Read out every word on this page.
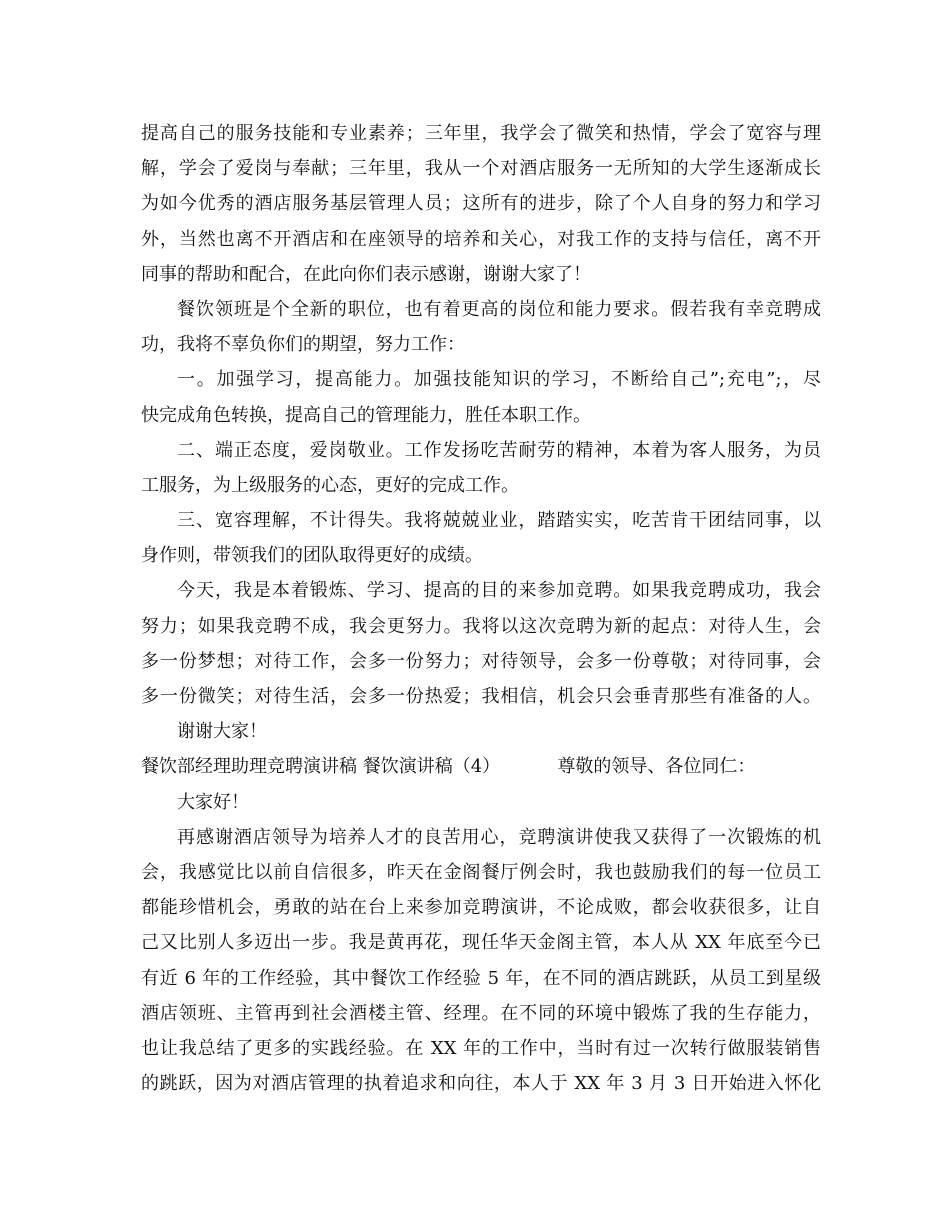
提高自己的服务技能和专业素养；三年里，我学会了微笑和热情，学会了宽容与理
解，学会了爱岗与奉献；三年里，我从一个对酒店服务一无所知的大学生逐渐成长
为如今优秀的酒店服务基层管理人员；这所有的进步，除了个人自身的努力和学习
外，当然也离不开酒店和在座领导的培养和关心，对我工作的支持与信任，离不开
同事的帮助和配合，在此向你们表示感谢，谢谢大家了！
餐饮领班是个全新的职位，也有着更高的岗位和能力要求。假若我有幸竞聘成
功，我将不辜负你们的期望，努力工作：
一。加强学习，提高能力。加强技能知识的学习，不断给自己”;充电”;，尽
快完成角色转换，提高自己的管理能力，胜任本职工作。
二、端正态度，爱岗敬业。工作发扬吃苦耐劳的精神，本着为客人服务，为员
工服务，为上级服务的心态，更好的完成工作。
三、宽容理解，不计得失。我将兢兢业业，踏踏实实，吃苦肯干团结同事，以
身作则，带领我们的团队取得更好的成绩。
今天，我是本着锻炼、学习、提高的目的来参加竞聘。如果我竞聘成功，我会
努力；如果我竞聘不成，我会更努力。我将以这次竞聘为新的起点：对待人生，会
多一份梦想；对待工作，会多一份努力；对待领导，会多一份尊敬；对待同事，会
多一份微笑；对待生活，会多一份热爱；我相信，机会只会垂青那些有准备的人。
谢谢大家！
餐饮部经理助理竞聘演讲稿 餐饮演讲稿（4）          尊敬的领导、各位同仁：
大家好！
再感谢酒店领导为培养人才的良苦用心，竞聘演讲使我又获得了一次锻炼的机
会，我感觉比以前自信很多，昨天在金阁餐厅例会时，我也鼓励我们的每一位员工
都能珍惜机会，勇敢的站在台上来参加竞聘演讲，不论成败，都会收获很多，让自
己又比别人多迈出一步。我是黄再花，现任华天金阁主管，本人从 XX 年底至今已
有近 6 年的工作经验，其中餐饮工作经验 5 年，在不同的酒店跳跃，从员工到星级
酒店领班、主管再到社会酒楼主管、经理。在不同的环境中锻炼了我的生存能力，
也让我总结了更多的实践经验。在 XX 年的工作中，当时有过一次转行做服装销售
的跳跃，因为对酒店管理的执着追求和向往，本人于 XX 年 3 月 3 日开始进入怀化
